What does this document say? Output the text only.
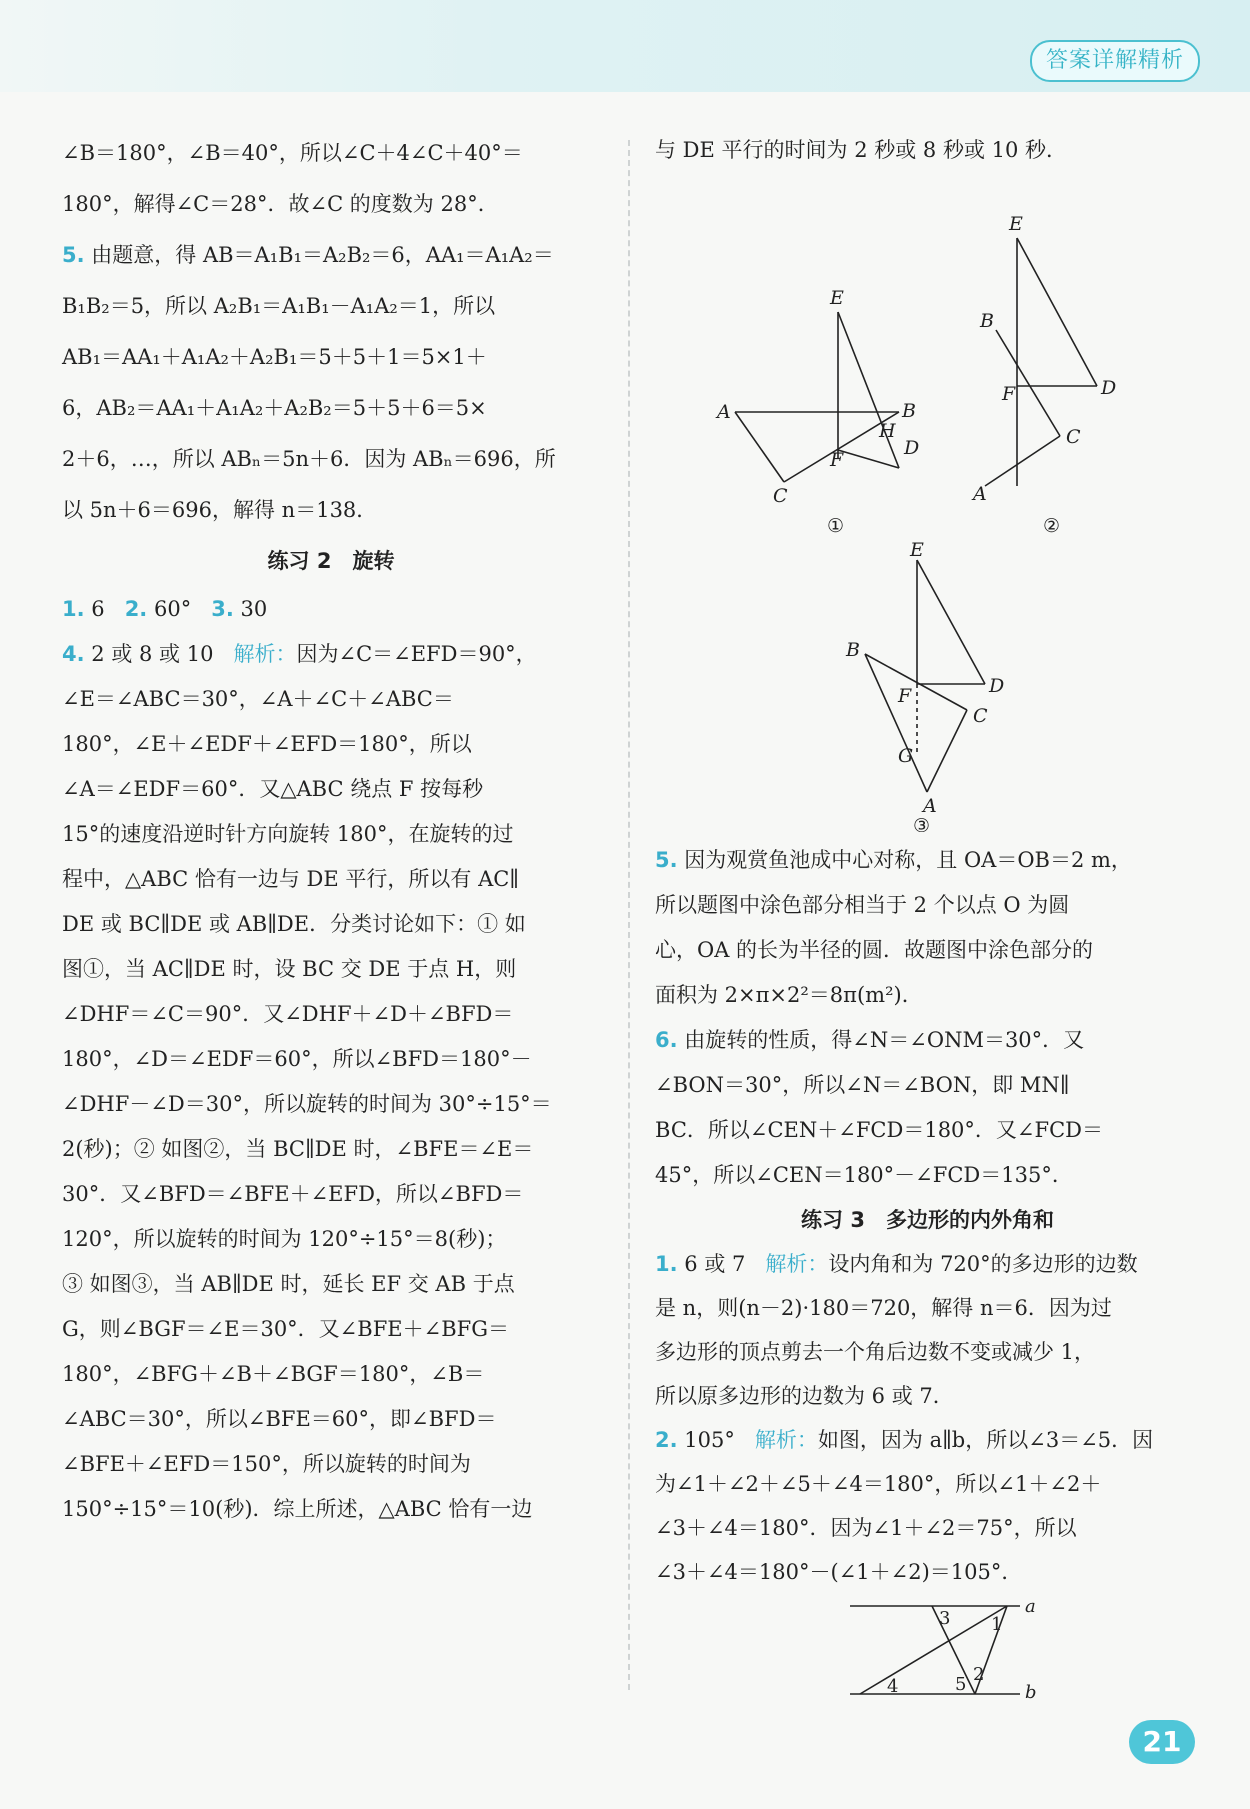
答案详解精析

∠B＝180°，∠B＝40°，所以∠C＋4∠C＋40°＝

180°，解得∠C＝28°．故∠C 的度数为 28°．

5. 由题意，得 AB＝A₁B₁＝A₂B₂＝6，AA₁＝A₁A₂＝

B₁B₂＝5，所以 A₂B₁＝A₁B₁－A₁A₂＝1，所以

AB₁＝AA₁＋A₁A₂＋A₂B₁＝5＋5＋1＝5×1＋

6，AB₂＝AA₁＋A₁A₂＋A₂B₂＝5＋5＋6＝5×

2＋6，…，所以 ABₙ＝5n＋6．因为 ABₙ＝696，所

以 5n＋6＝696，解得 n＝138．

练习 2　旋转

1. 6 2. 60° 3. 30

4. 2 或 8 或 10 解析：因为∠C＝∠EFD＝90°，

∠E＝∠ABC＝30°，∠A＋∠C＋∠ABC＝

180°，∠E＋∠EDF＋∠EFD＝180°，所以

∠A＝∠EDF＝60°．又△ABC 绕点 F 按每秒

15°的速度沿逆时针方向旋转 180°，在旋转的过

程中，△ABC 恰有一边与 DE 平行，所以有 AC∥

DE 或 BC∥DE 或 AB∥DE．分类讨论如下：① 如

图①，当 AC∥DE 时，设 BC 交 DE 于点 H，则

∠DHF＝∠C＝90°．又∠DHF＋∠D＋∠BFD＝

180°，∠D＝∠EDF＝60°，所以∠BFD＝180°－

∠DHF－∠D＝30°，所以旋转的时间为 30°÷15°＝

2(秒)；② 如图②，当 BC∥DE 时，∠BFE＝∠E＝

30°．又∠BFD＝∠BFE＋∠EFD，所以∠BFD＝

120°，所以旋转的时间为 120°÷15°＝8(秒)；

③ 如图③，当 AB∥DE 时，延长 EF 交 AB 于点

G，则∠BGF＝∠E＝30°．又∠BFE＋∠BFG＝

180°，∠BFG＋∠B＋∠BGF＝180°，∠B＝

∠ABC＝30°，所以∠BFE＝60°，即∠BFD＝

∠BFE＋∠EFD＝150°，所以旋转的时间为

150°÷15°＝10(秒)．综上所述，△ABC 恰有一边

与 DE 平行的时间为 2 秒或 8 秒或 10 秒．

E
A	B
H
D
F
C
①
E
B
F	D
C
A
②
E
B
F	D
C
G
A
③

5. 因为观赏鱼池成中心对称，且 OA＝OB＝2 m，

所以题图中涂色部分相当于 2 个以点 O 为圆

心，OA 的长为半径的圆．故题图中涂色部分的

面积为 2×π×2²＝8π(m²)．

6. 由旋转的性质，得∠N＝∠ONM＝30°．又

∠BON＝30°，所以∠N＝∠BON，即 MN∥

BC．所以∠CEN＋∠FCD＝180°．又∠FCD＝

45°，所以∠CEN＝180°－∠FCD＝135°．

练习 3　多边形的内外角和

1. 6 或 7 解析：设内角和为 720°的多边形的边数

是 n，则(n－2)·180＝720，解得 n＝6．因为过

多边形的顶点剪去一个角后边数不变或减少 1，

所以原多边形的边数为 6 或 7．

2. 105° 解析：如图，因为 a∥b，所以∠3＝∠5．因

为∠1＋∠2＋∠5＋∠4＝180°，所以∠1＋∠2＋

∠3＋∠4＝180°．因为∠1＋∠2＝75°，所以

∠3＋∠4＝180°－(∠1＋∠2)＝105°．

a
b
1
2
3
4	5
21
